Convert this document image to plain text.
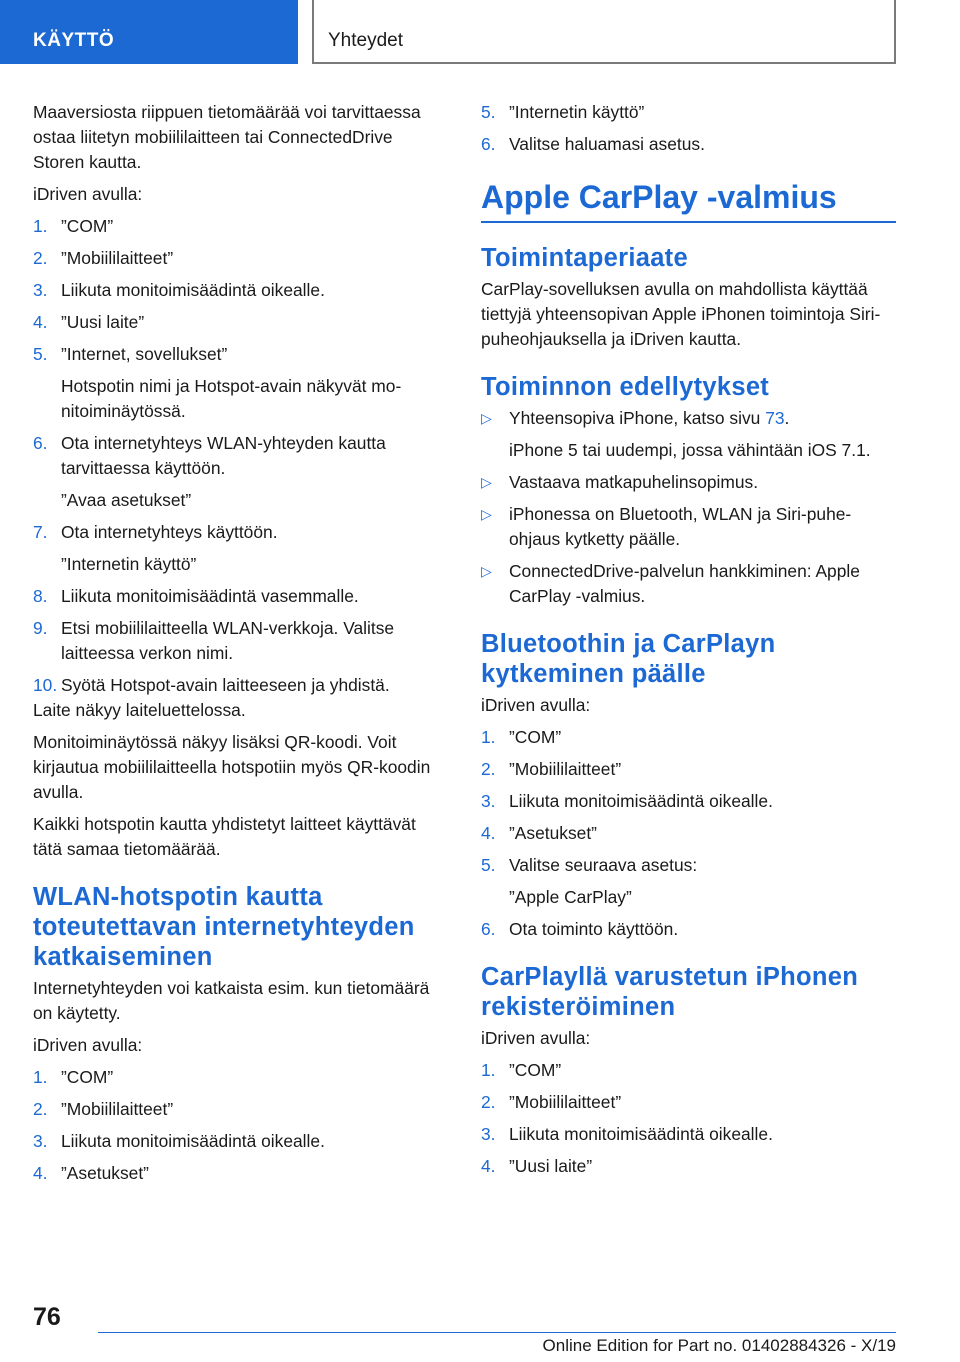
KÄYTTÖ	Yhteydet

Maaversiosta riippuen tietomäärää voi tarvittaessa ostaa liitetyn mobiililaitteen tai ConnectedDrive Storen kautta.

iDriven avulla:

1. ”COM”
2. ”Mobiililaitteet”
3. Liikuta monitoimisäädintä oikealle.
4. ”Uusi laite”
5. ”Internet, sovellukset”
Hotspotin nimi ja Hotspot-avain näkyvät monitoiminäytössä.
6. Ota internetyhteys WLAN-yhteyden kautta tarvittaessa käyttöön.
”Avaa asetukset”
7. Ota internetyhteys käyttöön.
”Internetin käyttö”
8. Liikuta monitoimisäädintä vasemmalle.
9. Etsi mobiililaitteella WLAN-verkkoja. Valitse laitteessa verkon nimi.
10. Syötä Hotspot-avain laitteeseen ja yhdistä.

Laite näkyy laiteluettelossa.

Monitoiminäytössä näkyy lisäksi QR-koodi. Voit kirjautua mobiililaitteella hotspotiin myös QR-koodin avulla.

Kaikki hotspotin kautta yhdistetyt laitteet käyttävät tätä samaa tietomäärää.

WLAN-hotspotin kautta toteutettavan internetyhteyden katkaiseminen

Internetyhteyden voi katkaista esim. kun tietomäärä on käytetty.

iDriven avulla:

1. ”COM”
2. ”Mobiililaitteet”
3. Liikuta monitoimisäädintä oikealle.
4. ”Asetukset”
5. ”Internetin käyttö”
6. Valitse haluamasi asetus.
Apple CarPlay -valmius
Toimintaperiaate

CarPlay-sovelluksen avulla on mahdollista käyttää tiettyjä yhteensopivan Apple iPhonen toimintoja Siri-puheohjauksella ja iDriven kautta.

Toiminnon edellytykset
▷ Yhteensopiva iPhone, katso sivu 73.
iPhone 5 tai uudempi, jossa vähintään iOS 7.1.
▷ Vastaava matkapuhelinsopimus.
▷ iPhonessa on Bluetooth, WLAN ja Siri-puheohjaus kytketty päälle.
▷ ConnectedDrive-palvelun hankkiminen: Apple CarPlay -valmius.
Bluetoothin ja CarPlayn kytkeminen päälle

iDriven avulla:

1. ”COM”
2. ”Mobiililaitteet”
3. Liikuta monitoimisäädintä oikealle.
4. ”Asetukset”
5. Valitse seuraava asetus:
”Apple CarPlay”
6. Ota toiminto käyttöön.
CarPlayllä varustetun iPhonen rekisteröiminen

iDriven avulla:

1. ”COM”
2. ”Mobiililaitteet”
3. Liikuta monitoimisäädintä oikealle.
4. ”Uusi laite”
76
Online Edition for Part no. 01402884326 - X/19
